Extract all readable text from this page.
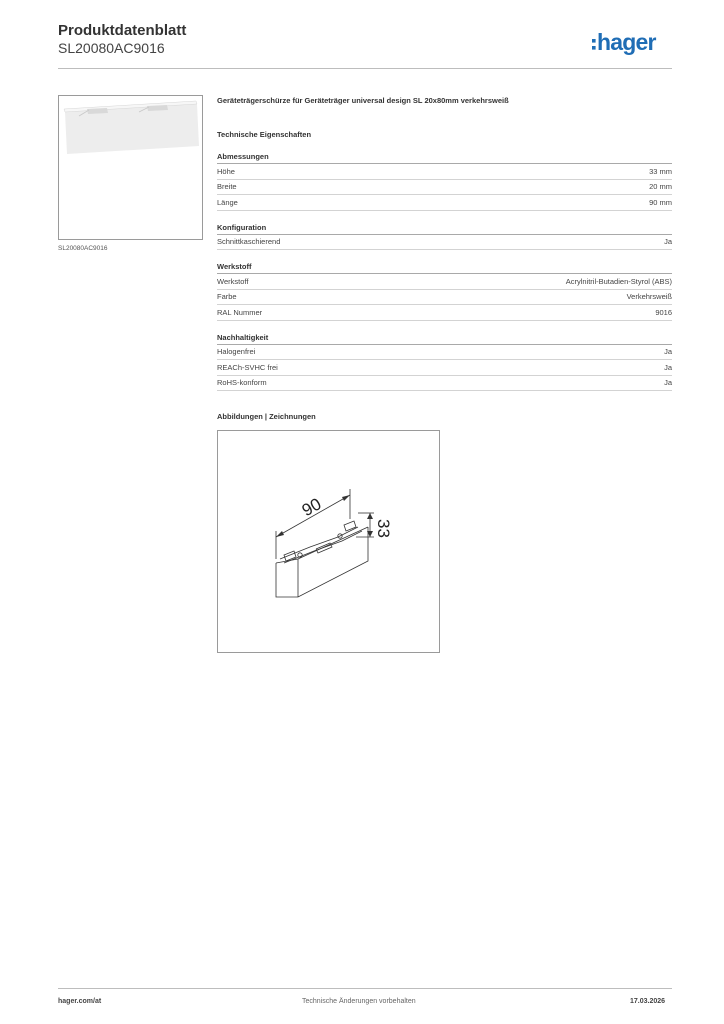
Produktdatenblatt
SL20080AC9016	hager
SL20080AC9016
Geräteträgerschürze für Geräteträger universal design SL 20x80mm verkehrsweiß
Technische Eigenschaften
Abmessungen
Höhe	33 mm
Breite	20 mm
Länge	90 mm
Konfiguration
Schnittkaschierend	Ja
Werkstoff
Werkstoff	Acrylnitril-Butadien-Styrol (ABS)
Farbe	Verkehrsweiß
RAL Nummer	9016
Nachhaltigkeit
Halogenfrei	Ja
REACh-SVHC frei	Ja
RoHS-konform	Ja
Abbildungen | Zeichnungen
90
33
hager.com/at	Technische Änderungen vorbehalten	17.03.2026
